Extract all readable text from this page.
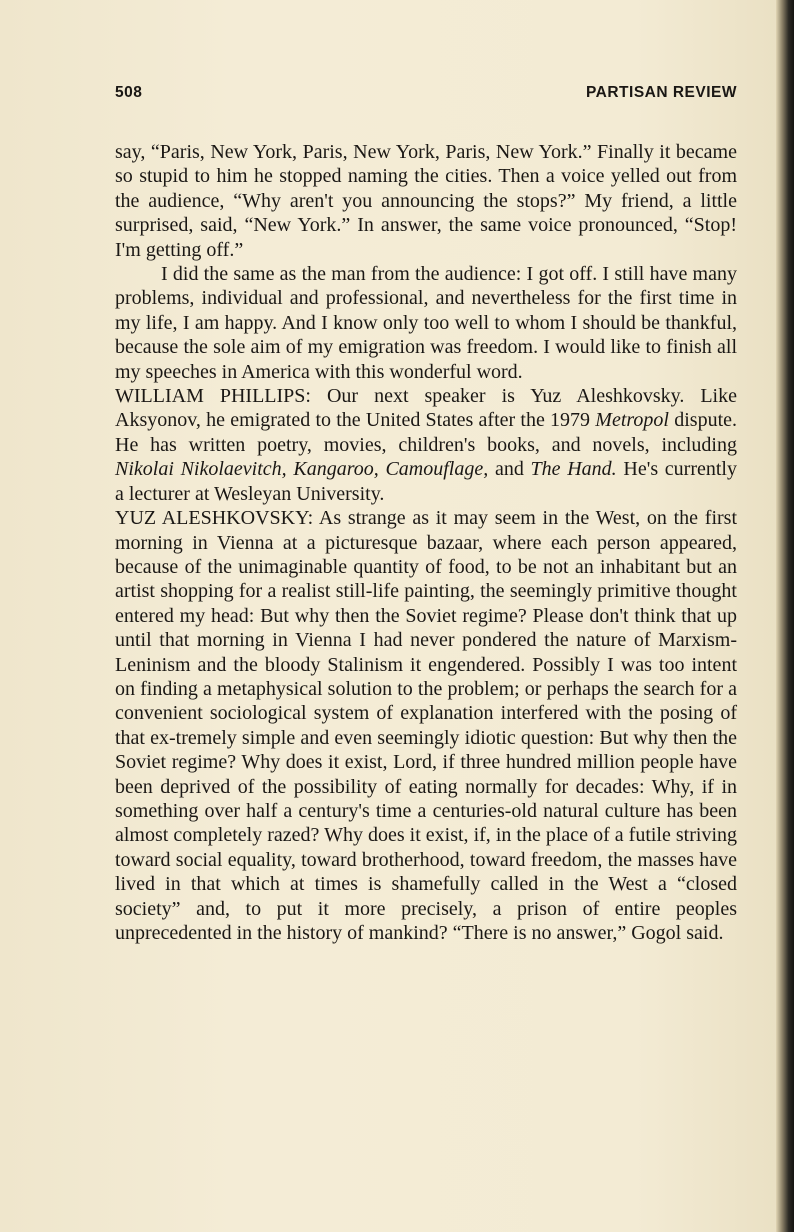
508	PARTISAN REVIEW

say, “Paris, New York, Paris, New York, Paris, New York.” Finally it became so stupid to him he stopped naming the cities. Then a voice yelled out from the audience, “Why aren't you announcing the stops?” My friend, a little surprised, said, “New York.” In answer, the same voice pronounced, “Stop! I'm getting off.”

I did the same as the man from the audience: I got off. I still have many problems, individual and professional, and nevertheless for the first time in my life, I am happy. And I know only too well to whom I should be thankful, because the sole aim of my emigration was freedom. I would like to finish all my speeches in America with this wonderful word.

WILLIAM PHILLIPS: Our next speaker is Yuz Aleshkovsky. Like Aksyonov, he emigrated to the United States after the 1979 Metropol dispute. He has written poetry, movies, children's books, and novels, including Nikolai Nikolaevitch, Kangaroo, Camouflage, and The Hand. He's currently a lecturer at Wesleyan University.

YUZ ALESHKOVSKY: As strange as it may seem in the West, on the first morning in Vienna at a picturesque bazaar, where each person appeared, because of the unimaginable quantity of food, to be not an inhabitant but an artist shopping for a realist still-life painting, the seemingly primitive thought entered my head: But why then the Soviet regime? Please don't think that up until that morning in Vienna I had never pondered the nature of Marxism-Leninism and the bloody Stalinism it engendered. Possibly I was too intent on finding a metaphysical solution to the problem; or perhaps the search for a convenient sociological system of explanation interfered with the posing of that ex-tremely simple and even seemingly idiotic question: But why then the Soviet regime? Why does it exist, Lord, if three hundred million people have been deprived of the possibility of eating normally for decades: Why, if in something over half a century's time a centuries-old natural culture has been almost completely razed? Why does it exist, if, in the place of a futile striving toward social equality, toward brotherhood, toward freedom, the masses have lived in that which at times is shamefully called in the West a “closed society” and, to put it more precisely, a prison of entire peoples unprecedented in the history of mankind? “There is no answer,” Gogol said.
